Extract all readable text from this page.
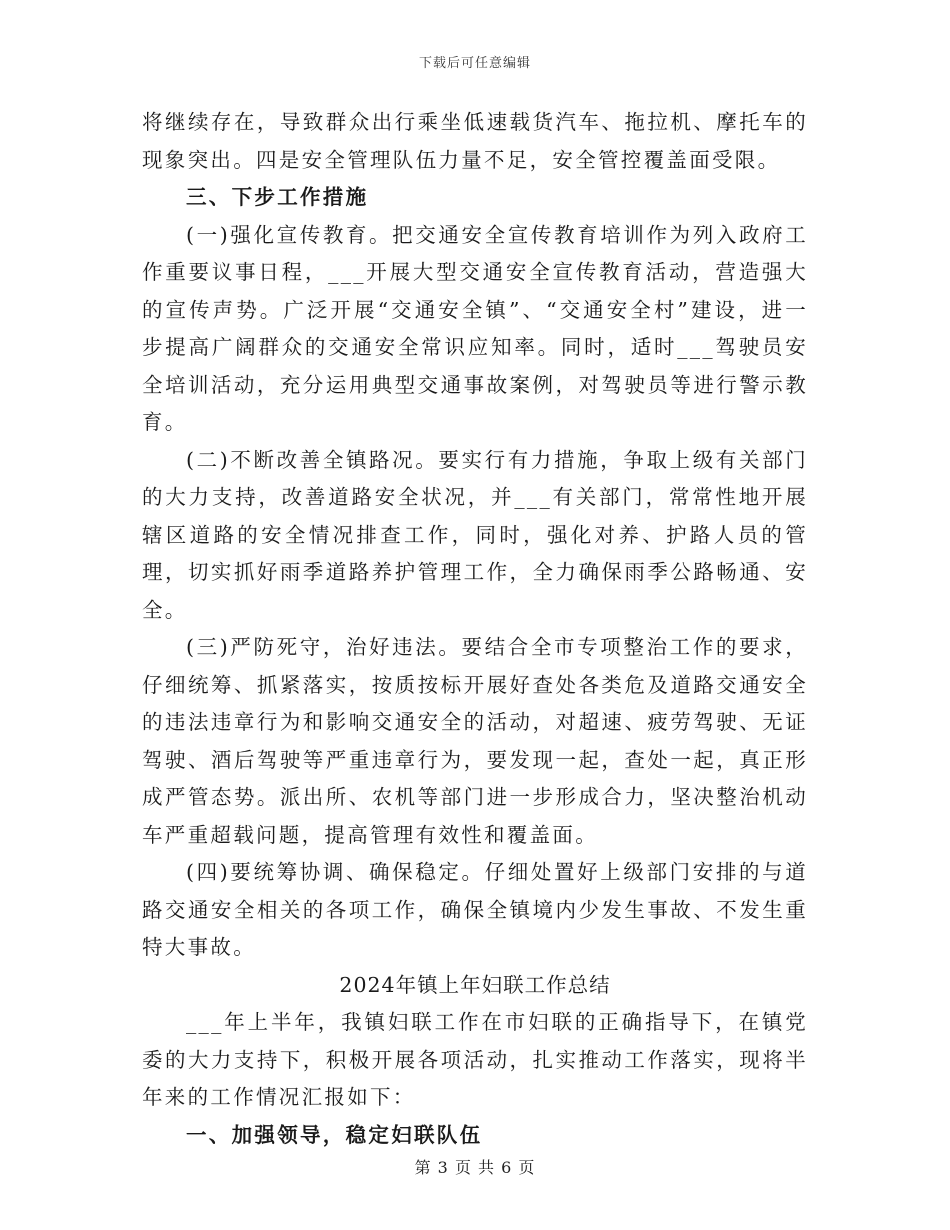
下载后可任意编辑

将继续存在，导致群众出行乘坐低速载货汽车、拖拉机、摩托车的现象突出。四是安全管理队伍力量不足，安全管控覆盖面受限。

三、下步工作措施

(一)强化宣传教育。把交通安全宣传教育培训作为列入政府工作重要议事日程，___开展大型交通安全宣传教育活动，营造强大的宣传声势。广泛开展“交通安全镇”、“交通安全村”建设，进一步提高广阔群众的交通安全常识应知率。同时，适时___驾驶员安全培训活动，充分运用典型交通事故案例，对驾驶员等进行警示教育。

(二)不断改善全镇路况。要实行有力措施，争取上级有关部门的大力支持，改善道路安全状况，并___有关部门，常常性地开展辖区道路的安全情况排查工作，同时，强化对养、护路人员的管理，切实抓好雨季道路养护管理工作，全力确保雨季公路畅通、安全。

(三)严防死守，治好违法。要结合全市专项整治工作的要求，仔细统筹、抓紧落实，按质按标开展好查处各类危及道路交通安全的违法违章行为和影响交通安全的活动，对超速、疲劳驾驶、无证驾驶、酒后驾驶等严重违章行为，要发现一起，查处一起，真正形成严管态势。派出所、农机等部门进一步形成合力，坚决整治机动车严重超载问题，提高管理有效性和覆盖面。

(四)要统筹协调、确保稳定。仔细处置好上级部门安排的与道路交通安全相关的各项工作，确保全镇境内少发生事故、不发生重特大事故。

2024年镇上年妇联工作总结

___年上半年，我镇妇联工作在市妇联的正确指导下，在镇党委的大力支持下，积极开展各项活动，扎实推动工作落实，现将半年来的工作情况汇报如下：

一、加强领导，稳定妇联队伍

第 3 页 共 6 页
